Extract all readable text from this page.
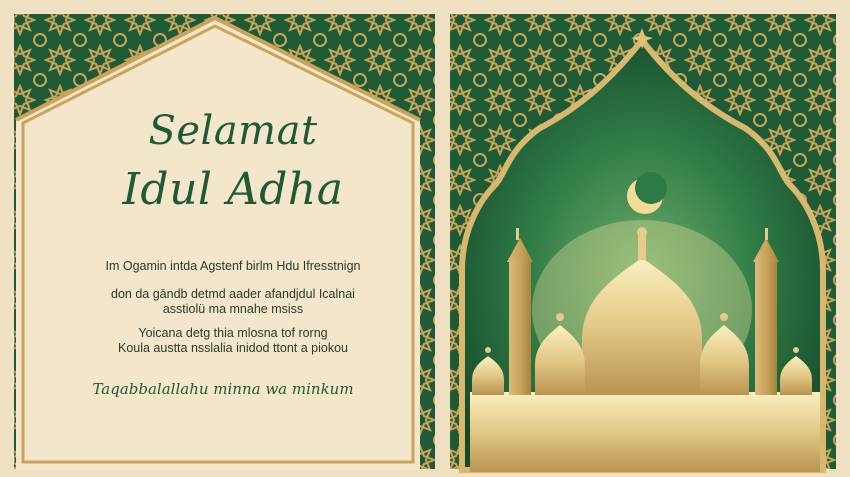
Selamat
Idul Adha

Im Ogamin intda Agstenf birlm Hdu Ifresstnign

don da gāndb detmd aader afandjdul Icalnai

asstiolü ma mnahe msiss

Yoicana detg thia mlosna tof rorng

Koula austta nsslalia inidod ttont a piokou

Taqabbalallahu minna wa minkum
